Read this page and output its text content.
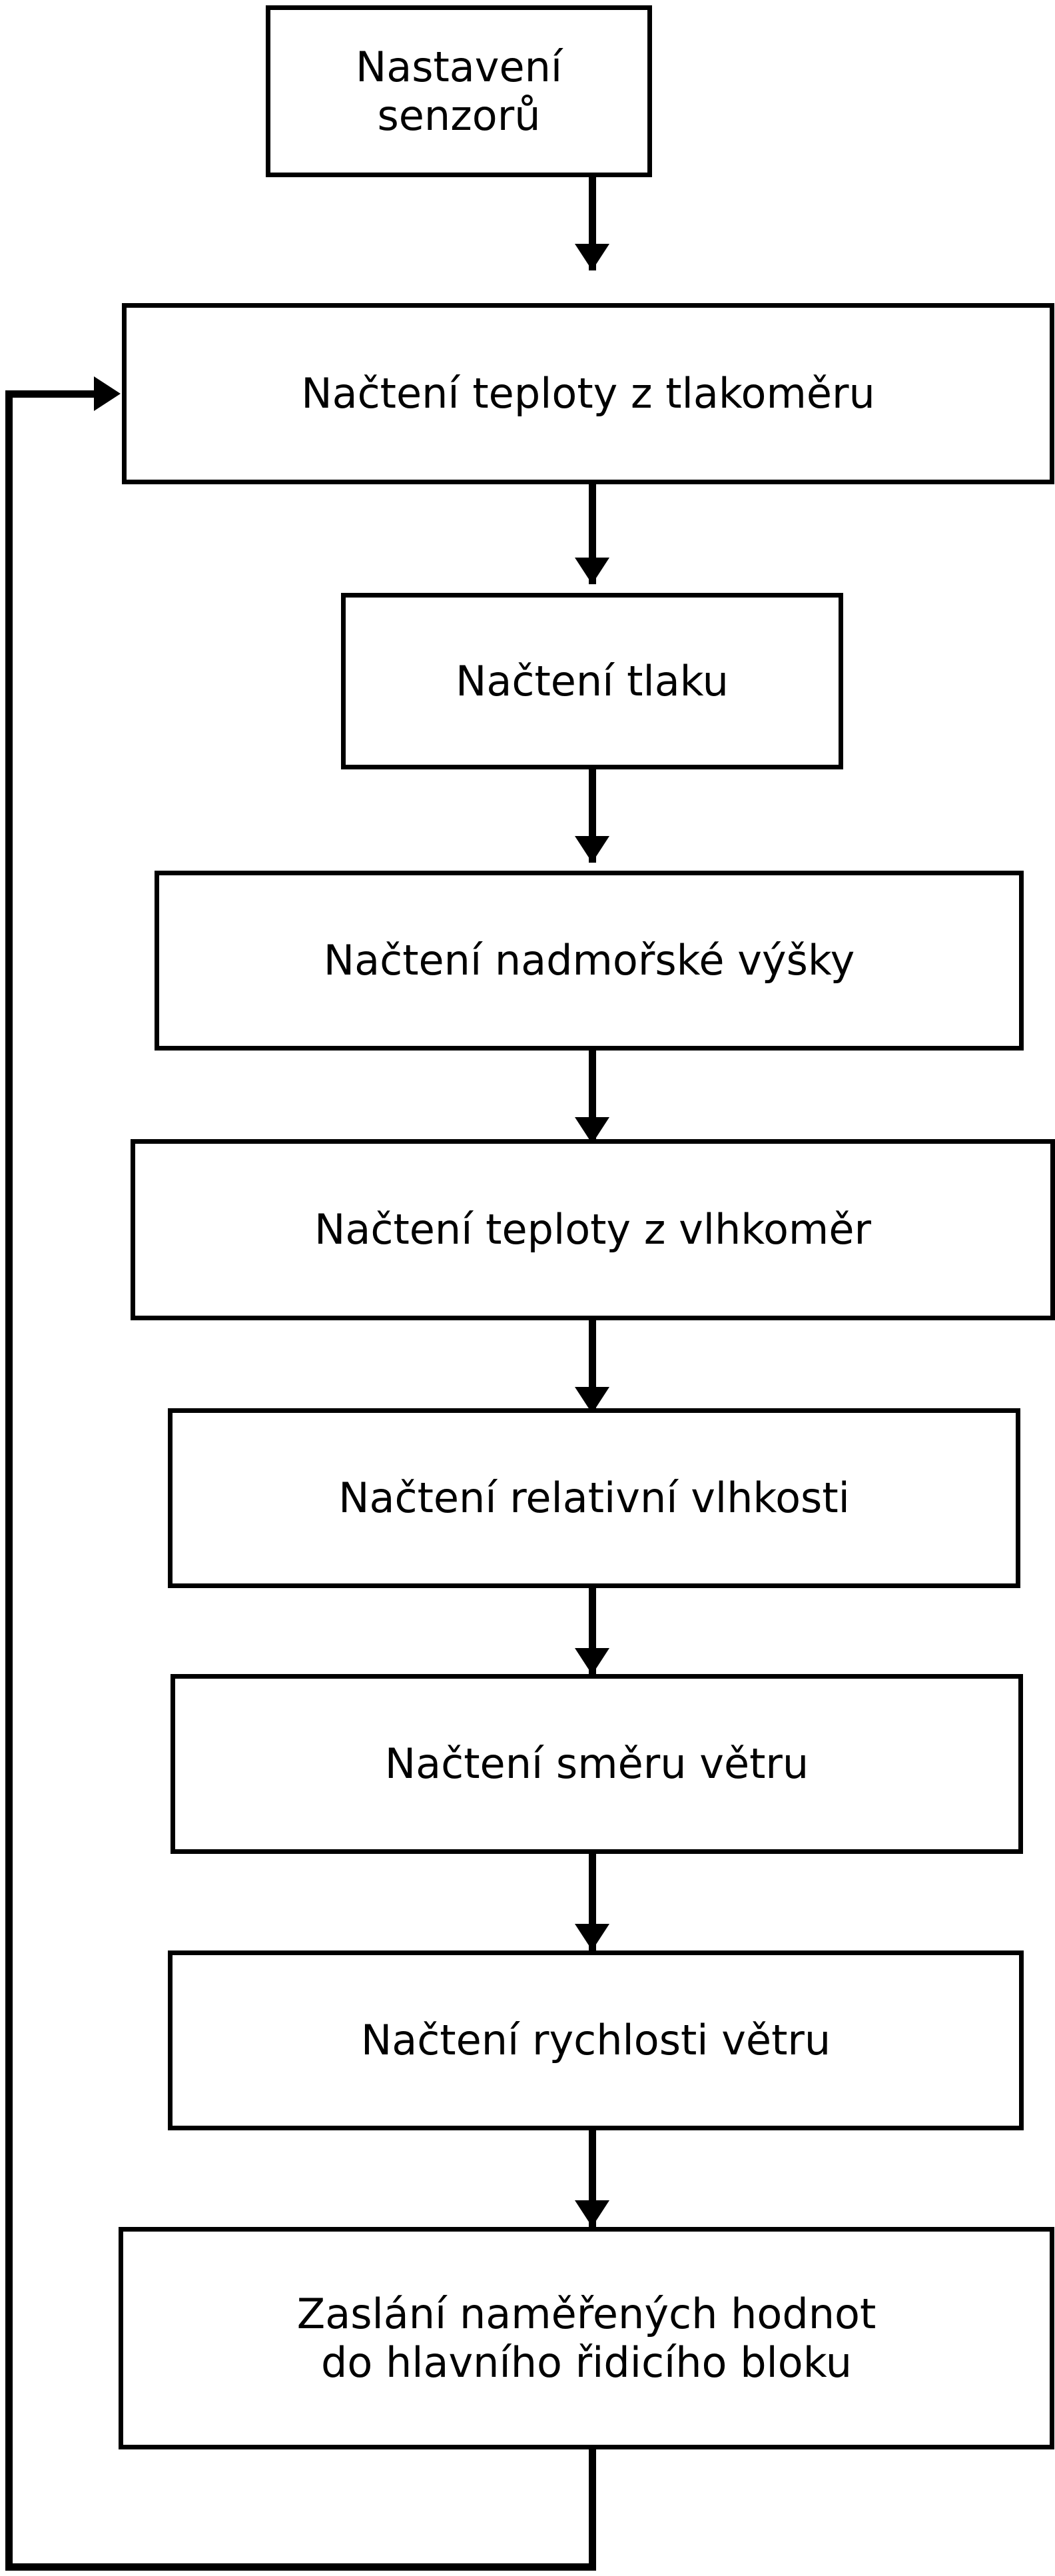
Nastavení senzorů
Načtení teploty z tlakoměru
Načtení tlaku
Načtení nadmořské výšky
Načtení teploty z vlhkoměr
Načtení relativní vlhkosti
Načtení směru větru
Načtení rychlosti větru
Zaslání naměřených hodnot
do hlavního řidicího bloku
